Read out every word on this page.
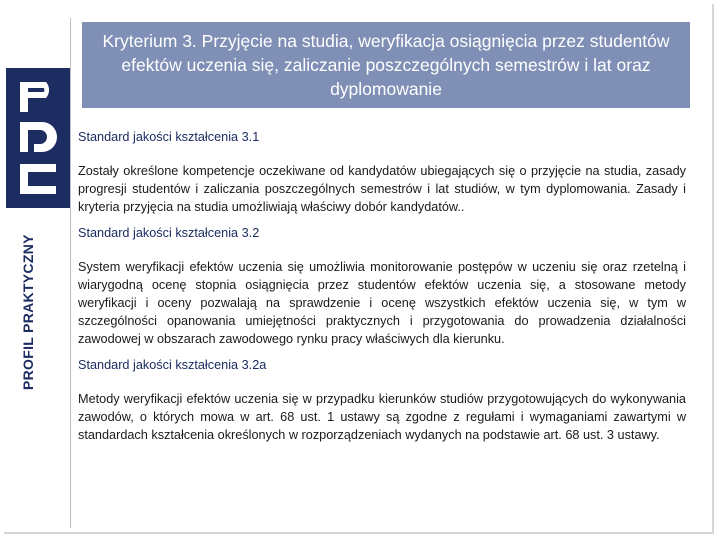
PROFIL PRAKTYCZNY
Kryterium 3. Przyjęcie na studia, weryfikacja osiągnięcia przez studentów efektów uczenia się, zaliczanie poszczególnych semestrów i lat oraz dyplomowanie
Standard jakości kształcenia 3.1
Zostały określone kompetencje oczekiwane od kandydatów ubiegających się o przyjęcie na studia, zasady progresji studentów i zaliczania poszczególnych semestrów i lat studiów, w tym dyplomowania. Zasady i kryteria przyjęcia na studia umożliwiają właściwy dobór kandydatów..
Standard jakości kształcenia 3.2
System weryfikacji efektów uczenia się umożliwia monitorowanie postępów w uczeniu się oraz rzetelną i wiarygodną ocenę stopnia osiągnięcia przez studentów efektów uczenia się, a stosowane metody weryfikacji i oceny pozwalają na sprawdzenie i ocenę wszystkich efektów uczenia się, w tym w szczególności opanowania umiejętności praktycznych i przygotowania do prowadzenia działalności zawodowej w obszarach zawodowego rynku pracy właściwych dla kierunku.
Standard jakości kształcenia 3.2a
Metody weryfikacji efektów uczenia się w przypadku kierunków studiów przygotowujących do wykonywania zawodów, o których mowa w art. 68 ust. 1 ustawy są zgodne z regułami i wymaganiami zawartymi w standardach kształcenia określonych w rozporządzeniach wydanych na podstawie art. 68 ust. 3 ustawy.
